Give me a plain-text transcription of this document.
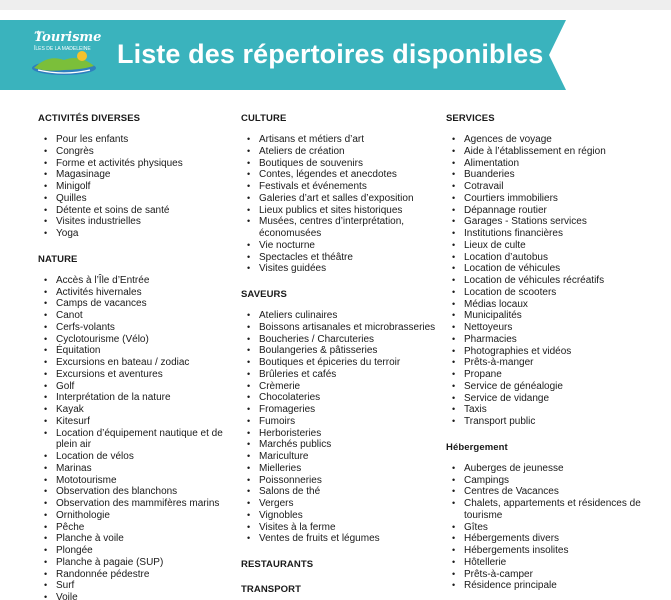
Tourisme
ÎLES DE LA MADELEINE Liste des répertoires disponibles
ACTIVITÉS DIVERSES
• Pour les enfants
• Congrès
• Forme et activités physiques
• Magasinage
• Minigolf
• Quilles
• Détente et soins de santé
• Visites industrielles
• Yoga
NATURE
• Accès à l’Île d’Entrée
• Activités hivernales
• Camps de vacances
• Canot
• Cerfs-volants
• Cyclotourisme (Vélo)
• Équitation
• Excursions en bateau / zodiac
• Excursions et aventures
• Golf
• Interprétation de la nature
• Kayak
• Kitesurf
• Location d’équipement nautique et de plein air
• Location de vélos
• Marinas
• Mototourisme
• Observation des blanchons
• Observation des mammifères marins
• Ornithologie
• Pêche
• Planche à voile
• Plongée
• Planche à pagaie (SUP)
• Randonnée pédestre
• Surf
• Voile
CULTURE
• Artisans et métiers d’art
• Ateliers de création
• Boutiques de souvenirs
• Contes, légendes et anecdotes
• Festivals et événements
• Galeries d’art et salles d’exposition
• Lieux publics et sites historiques
• Musées, centres d’interprétation, économusées
• Vie nocturne
• Spectacles et théâtre
• Visites guidées
SAVEURS
• Ateliers culinaires
• Boissons artisanales et microbrasseries
• Boucheries / Charcuteries
• Boulangeries & pâtisseries
• Boutiques et épiceries du terroir
• Brûleries et cafés
• Crèmerie
• Chocolateries
• Fromageries
• Fumoirs
• Herboristeries
• Marchés publics
• Mariculture
• Mielleries
• Poissonneries
• Salons de thé
• Vergers
• Vignobles
• Visites à la ferme
• Ventes de fruits et légumes
RESTAURANTS
TRANSPORT
SERVICES
• Agences de voyage
• Aide à l’établissement en région
• Alimentation
• Buanderies
• Cotravail
• Courtiers immobiliers
• Dépannage routier
• Garages - Stations services
• Institutions financières
• Lieux de culte
• Location d’autobus
• Location de véhicules
• Location de véhicules récréatifs
• Location de scooters
• Médias locaux
• Municipalités
• Nettoyeurs
• Pharmacies
• Photographies et vidéos
• Prêts-à-manger
• Propane
• Service de généalogie
• Service de vidange
• Taxis
• Transport public
Hébergement
• Auberges de jeunesse
• Campings
• Centres de Vacances
• Chalets, appartements et résidences de tourisme
• Gîtes
• Hébergements divers
• Hébergements insolites
• Hôtellerie
• Prêts-à-camper
• Résidence principale
